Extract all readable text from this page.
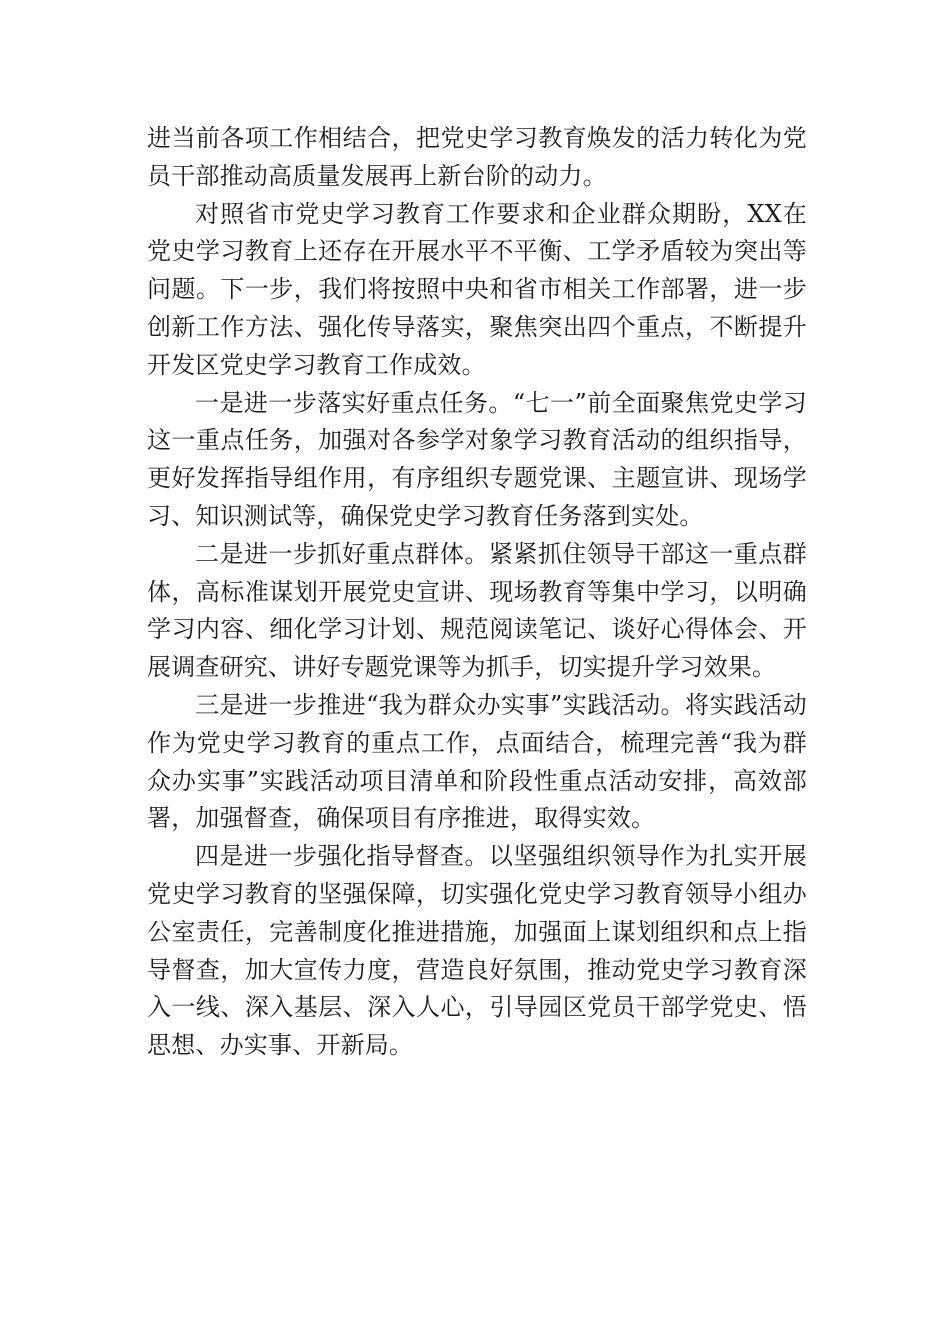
进当前各项工作相结合，把党史学习教育焕发的活力转化为党员干部推动高质量发展再上新台阶的动力。

对照省市党史学习教育工作要求和企业群众期盼，XX在党史学习教育上还存在开展水平不平衡、工学矛盾较为突出等问题。下一步，我们将按照中央和省市相关工作部署，进一步创新工作方法、强化传导落实，聚焦突出四个重点，不断提升开发区党史学习教育工作成效。

一是进一步落实好重点任务。“七一”前全面聚焦党史学习这一重点任务，加强对各参学对象学习教育活动的组织指导，更好发挥指导组作用，有序组织专题党课、主题宣讲、现场学习、知识测试等，确保党史学习教育任务落到实处。

二是进一步抓好重点群体。紧紧抓住领导干部这一重点群体，高标准谋划开展党史宣讲、现场教育等集中学习，以明确学习内容、细化学习计划、规范阅读笔记、谈好心得体会、开展调查研究、讲好专题党课等为抓手，切实提升学习效果。

三是进一步推进“我为群众办实事”实践活动。将实践活动作为党史学习教育的重点工作，点面结合，梳理完善“我为群众办实事”实践活动项目清单和阶段性重点活动安排，高效部署，加强督查，确保项目有序推进，取得实效。

四是进一步强化指导督查。以坚强组织领导作为扎实开展党史学习教育的坚强保障，切实强化党史学习教育领导小组办公室责任，完善制度化推进措施，加强面上谋划组织和点上指导督查，加大宣传力度，营造良好氛围，推动党史学习教育深入一线、深入基层、深入人心，引导园区党员干部学党史、悟思想、办实事、开新局。
